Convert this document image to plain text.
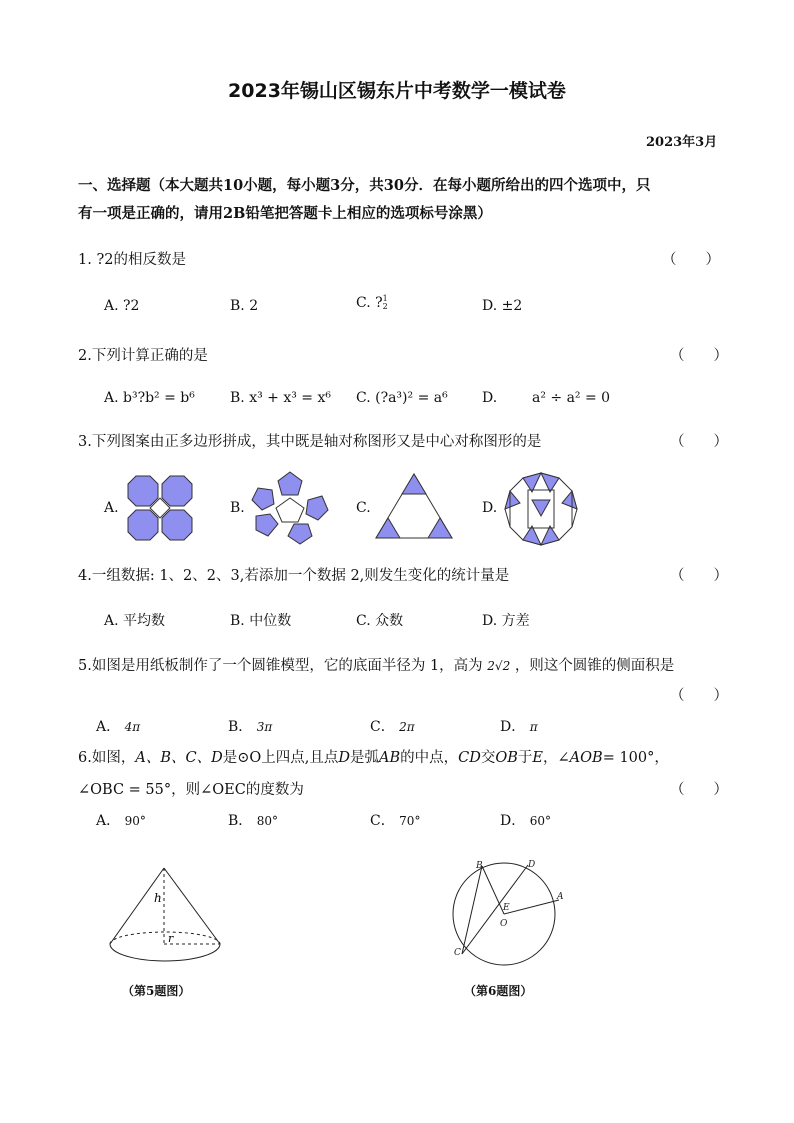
2023年锡山区锡东片中考数学一模试卷
2023年3月
一、选择题（本大题共10小题，每小题3分，共30分．在每小题所给出的四个选项中，只
有一项是正确的，请用2B铅笔把答题卡上相应的选项标号涂黑）
1. ?2的相反数是	（　　）
A. ?2	B. 2	C. ?1
2	D. ±2
2.下列计算正确的是	（　　）
A. b³?b² = b⁶	B. x³ + x³ = x⁶ C. (?a³)² = a⁶ D. a² ÷ a² = 0
3.下列图案由正多边形拼成，其中既是轴对称图形又是中心对称图形的是	（　　）
A.	B.	C.	D.
4.一组数据: 1、2、2、3,若添加一个数据 2,则发生变化的统计量是	（　　）
A. 平均数	B. 中位数	C. 众数	D. 方差
5.如图是用纸板制作了一个圆锥模型，它的底面半径为 1，高为 2√2 ，则这个圆锥的侧面积是
（　　）
A． 4π	B． 3π	C． 2π	D． π
6.如图，A、B、C、D是⊙O上四点,且点D是弧AB的中点，CD交OB于E，∠AOB= 100°，
∠OBC = 55°，则∠OEC的度数为	（　　）
A． 90°	B． 80°	C． 70°	D． 60°
h
r
（第5题图）
B	D
A
E
O
C
（第6题图）
